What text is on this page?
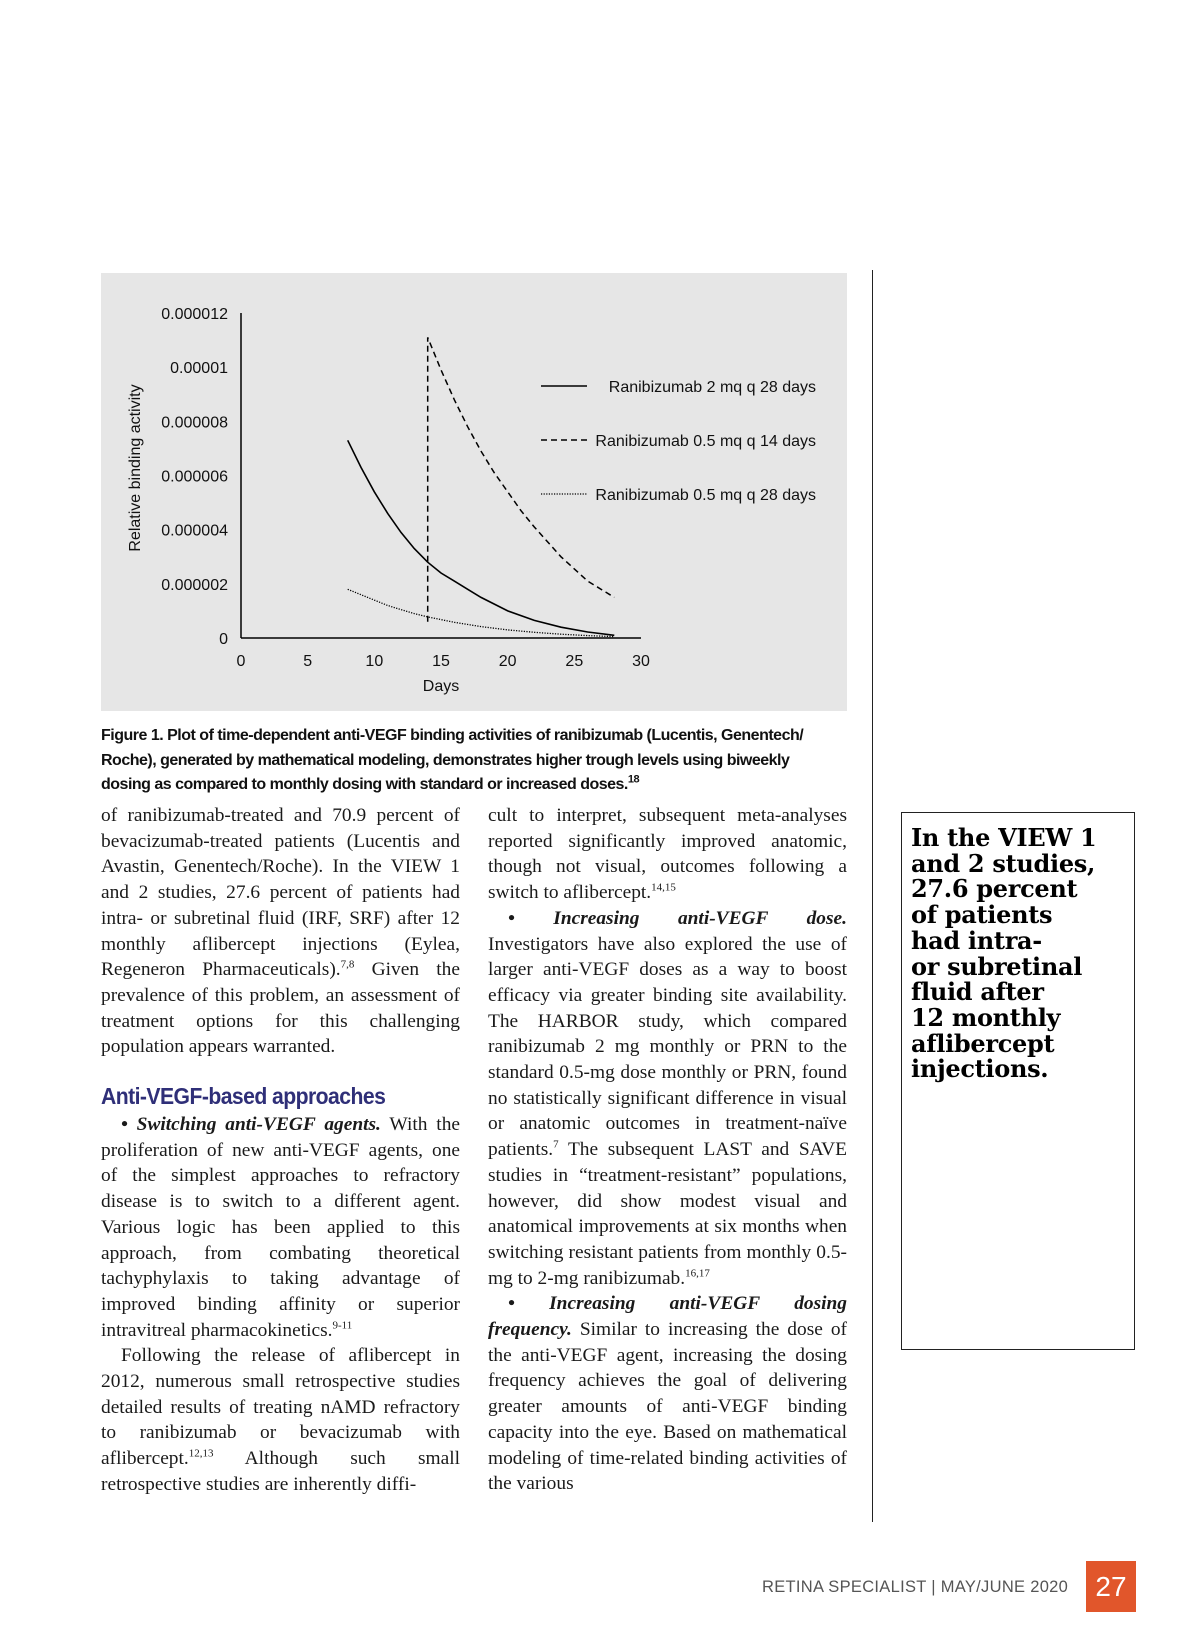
0
0.000002
0.000004
0.000006
0.000008
0.00001
0.000012
0	5	10	15	20	25	30
Ranibizumab 2 mq q 28 days
Ranibizumab 0.5 mq q 14 days
Ranibizumab 0.5 mq q 28 days
Days
Relative binding activity
Figure 1. Plot of time-dependent anti-VEGF binding activities of ranibizumab (Lucentis, Genentech/ Roche), generated by mathematical modeling, demonstrates higher trough levels using biweekly dosing as compared to monthly dosing with standard or increased doses.$^{18}$

of ranibizumab-treated and 70.9 percent of bevacizumab-treated patients (Lucentis and Avastin, Genentech/Roche). In the VIEW 1 and 2 studies, 27.6 percent of patients had intra- or subretinal fluid (IRF, SRF) after 12 monthly aflibercept injections (Eylea, Regeneron Pharmaceuticals).$^{7,8}$ Given the prevalence of this problem, an assessment of treatment options for this challenging population appears warranted.

Anti-VEGF-based approaches

• Switching anti-VEGF agents. With the proliferation of new anti-VEGF agents, one of the simplest approaches to refractory disease is to switch to a different agent. Various logic has been applied to this approach, from combating theoretical tachyphylaxis to taking advantage of improved binding affinity or superior intravitreal pharmacokinetics.$^{9-11}$

Following the release of aflibercept in 2012, numerous small retrospective studies detailed results of treating nAMD refractory to ranibizumab or bevacizumab with aflibercept.$^{12,13}$ Although such small retrospective studies are inherently diffi-

cult to interpret, subsequent meta-analyses reported significantly improved anatomic, though not visual, outcomes following a switch to aflibercept.$^{14,15}$

• Increasing anti-VEGF dose. Investigators have also explored the use of larger anti-VEGF doses as a way to boost efficacy via greater binding site availability. The HARBOR study, which compared ranibizumab 2 mg monthly or PRN to the standard 0.5-mg dose monthly or PRN, found no statistically significant difference in visual or anatomic outcomes in treatment-naïve patients.$^7$ The subsequent LAST and SAVE studies in “treatment-resistant” populations, however, did show modest visual and anatomical improvements at six months when switching resistant patients from monthly 0.5-mg to 2-mg ranibizumab.$^{16,17}$

• Increasing anti-VEGF dosing frequency. Similar to increasing the dose of the anti-VEGF agent, increasing the dosing frequency achieves the goal of delivering greater amounts of anti-VEGF binding capacity into the eye. Based on mathematical modeling of time-related binding activities of the various

In the VIEW 1
and 2 studies,
27.6 percent
of patients
had intra-
or subretinal
fluid after
12 monthly
aflibercept
injections.
RETINA SPECIALIST | MAY/JUNE 2020 27
